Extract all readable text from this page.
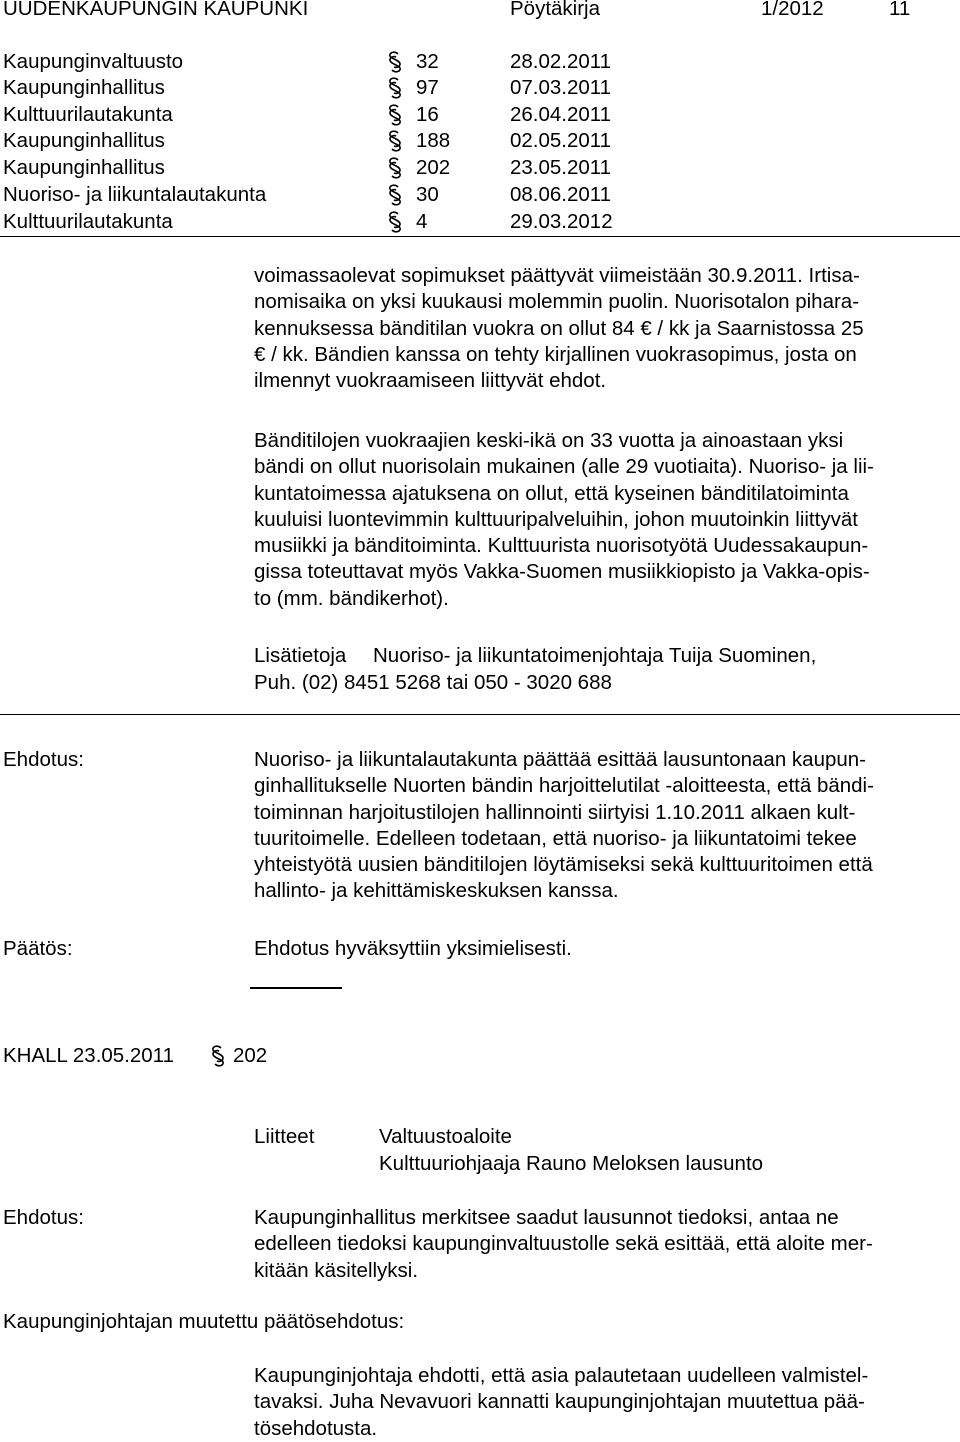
UUDENKAUPUNGIN KAUPUNKI	Pöytäkirja	1/2012	11
Kaupunginvaltuusto	32	28.02.2011
Kaupunginhallitus	97	07.03.2011
Kulttuurilautakunta	16	26.04.2011
Kaupunginhallitus	188	02.05.2011
Kaupunginhallitus	202	23.05.2011
Nuoriso- ja liikuntalautakunta	30	08.06.2011
Kulttuurilautakunta	4	29.03.2012
voimassaolevat sopimukset päättyvät viimeistään 30.9.2011. Irtisa-
nomisaika on yksi kuukausi molemmin puolin. Nuorisotalon pihara-
kennuksessa bänditilan vuokra on ollut 84 € / kk ja Saarnistossa 25
€ / kk. Bändien kanssa on tehty kirjallinen vuokrasopimus, josta on
ilmennyt vuokraamiseen liittyvät ehdot.
Bänditilojen vuokraajien keski-ikä on 33 vuotta ja ainoastaan yksi
bändi on ollut nuorisolain mukainen (alle 29 vuotiaita). Nuoriso- ja lii-
kuntatoimessa ajatuksena on ollut, että kyseinen bänditilatoiminta
kuuluisi luontevimmin kulttuuripalveluihin, johon muutoinkin liittyvät
musiikki ja bänditoiminta. Kulttuurista nuorisotyötä Uudessakaupun-
gissa toteuttavat myös Vakka-Suomen musiikkiopisto ja Vakka-opis-
to (mm. bändikerhot).
Lisätietoja Nuoriso- ja liikuntatoimenjohtaja Tuija Suominen,
Puh. (02) 8451 5268 tai 050 - 3020 688
Ehdotus:	Nuoriso- ja liikuntalautakunta päättää esittää lausuntonaan kaupun-
ginhallitukselle Nuorten bändin harjoittelutilat -aloitteesta, että bändi-
toiminnan harjoitustilojen hallinnointi siirtyisi 1.10.2011 alkaen kult-
tuuritoimelle. Edelleen todetaan, että nuoriso- ja liikuntatoimi tekee
yhteistyötä uusien bänditilojen löytämiseksi sekä kulttuuritoimen että
hallinto- ja kehittämiskeskuksen kanssa.
Päätös:	Ehdotus hyväksyttiin yksimielisesti.
KHALL 23.05.2011	202
Liitteet	Valtuustoaloite
Kulttuuriohjaaja Rauno Meloksen lausunto
Ehdotus:	Kaupunginhallitus merkitsee saadut lausunnot tiedoksi, antaa ne
edelleen tiedoksi kaupunginvaltuustolle sekä esittää, että aloite mer-
kitään käsitellyksi.
Kaupunginjohtajan muutettu päätösehdotus:
Kaupunginjohtaja ehdotti, että asia palautetaan uudelleen valmistel-
tavaksi. Juha Nevavuori kannatti kaupunginjohtajan muutettua pää-
tösehdotusta.
